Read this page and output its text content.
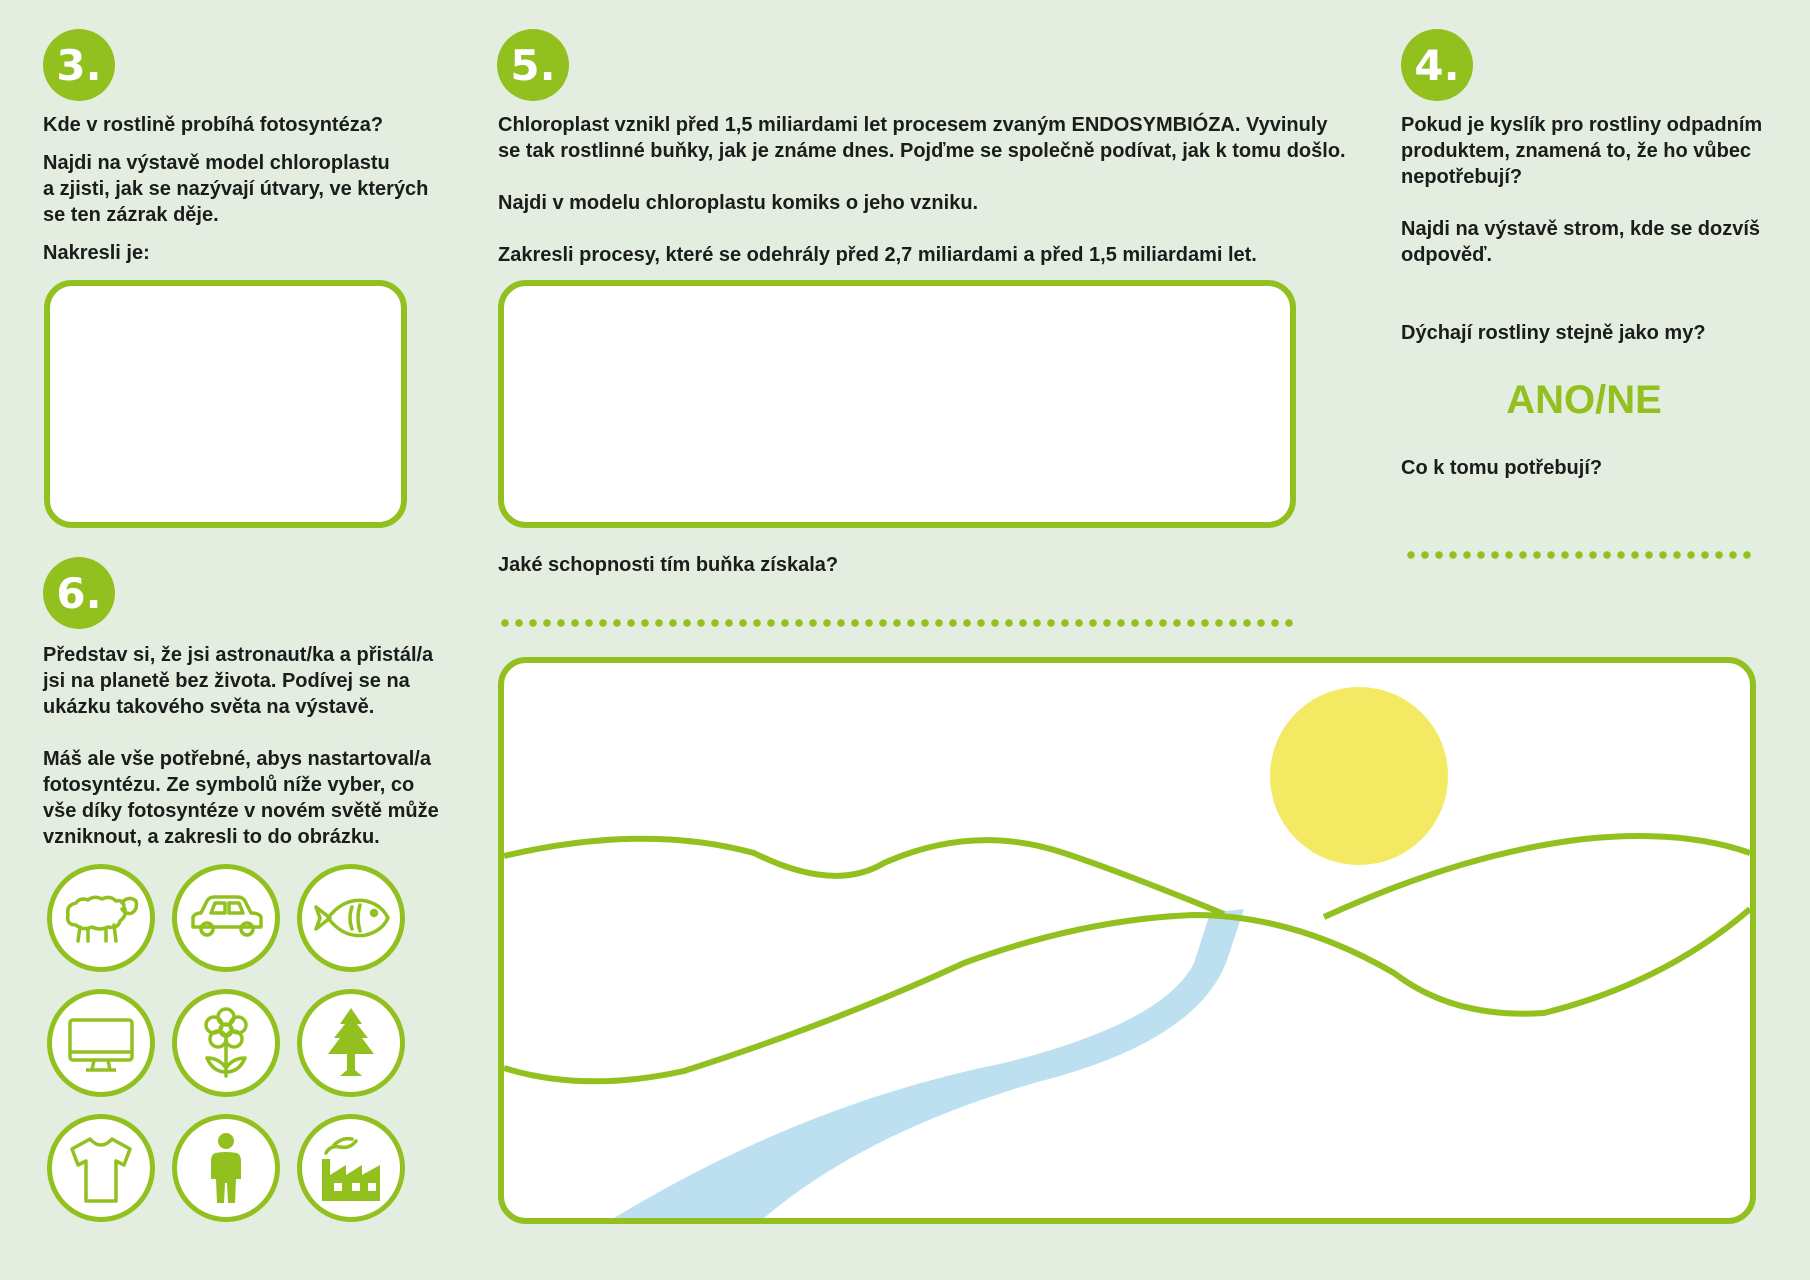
3.
Kde v rostlině probíhá fotosyntéza?
Najdi na výstavě model chloroplastu
a zjisti, jak se nazývají útvary, ve kterých
se ten zázrak děje.
Nakresli je:
5.
Chloroplast vznikl před 1,5 miliardami let procesem zvaným ENDOSYMBIÓZA. Vyvinuly
se tak rostlinné buňky, jak je známe dnes. Pojďme se společně podívat, jak k tomu došlo.
Najdi v modelu chloroplastu komiks o jeho vzniku.
Zakresli procesy, které se odehrály před 2,7 miliardami a před 1,5 miliardami let.
Jaké schopnosti tím buňka získala?
4.
Pokud je kyslík pro rostliny odpadním
produktem, znamená to, že ho vůbec
nepotřebují?
Najdi na výstavě strom, kde se dozvíš
odpověď.
Dýchají rostliny stejně jako my?
ANO/NE
Co k tomu potřebují?
6.
Představ si, že jsi astronaut/ka a přistál/a
jsi na planetě bez života. Podívej se na
ukázku takového světa na výstavě.
Máš ale vše potřebné, abys nastartoval/a
fotosyntézu. Ze symbolů níže vyber, co
vše díky fotosyntéze v novém světě může
vzniknout, a zakresli to do obrázku.
